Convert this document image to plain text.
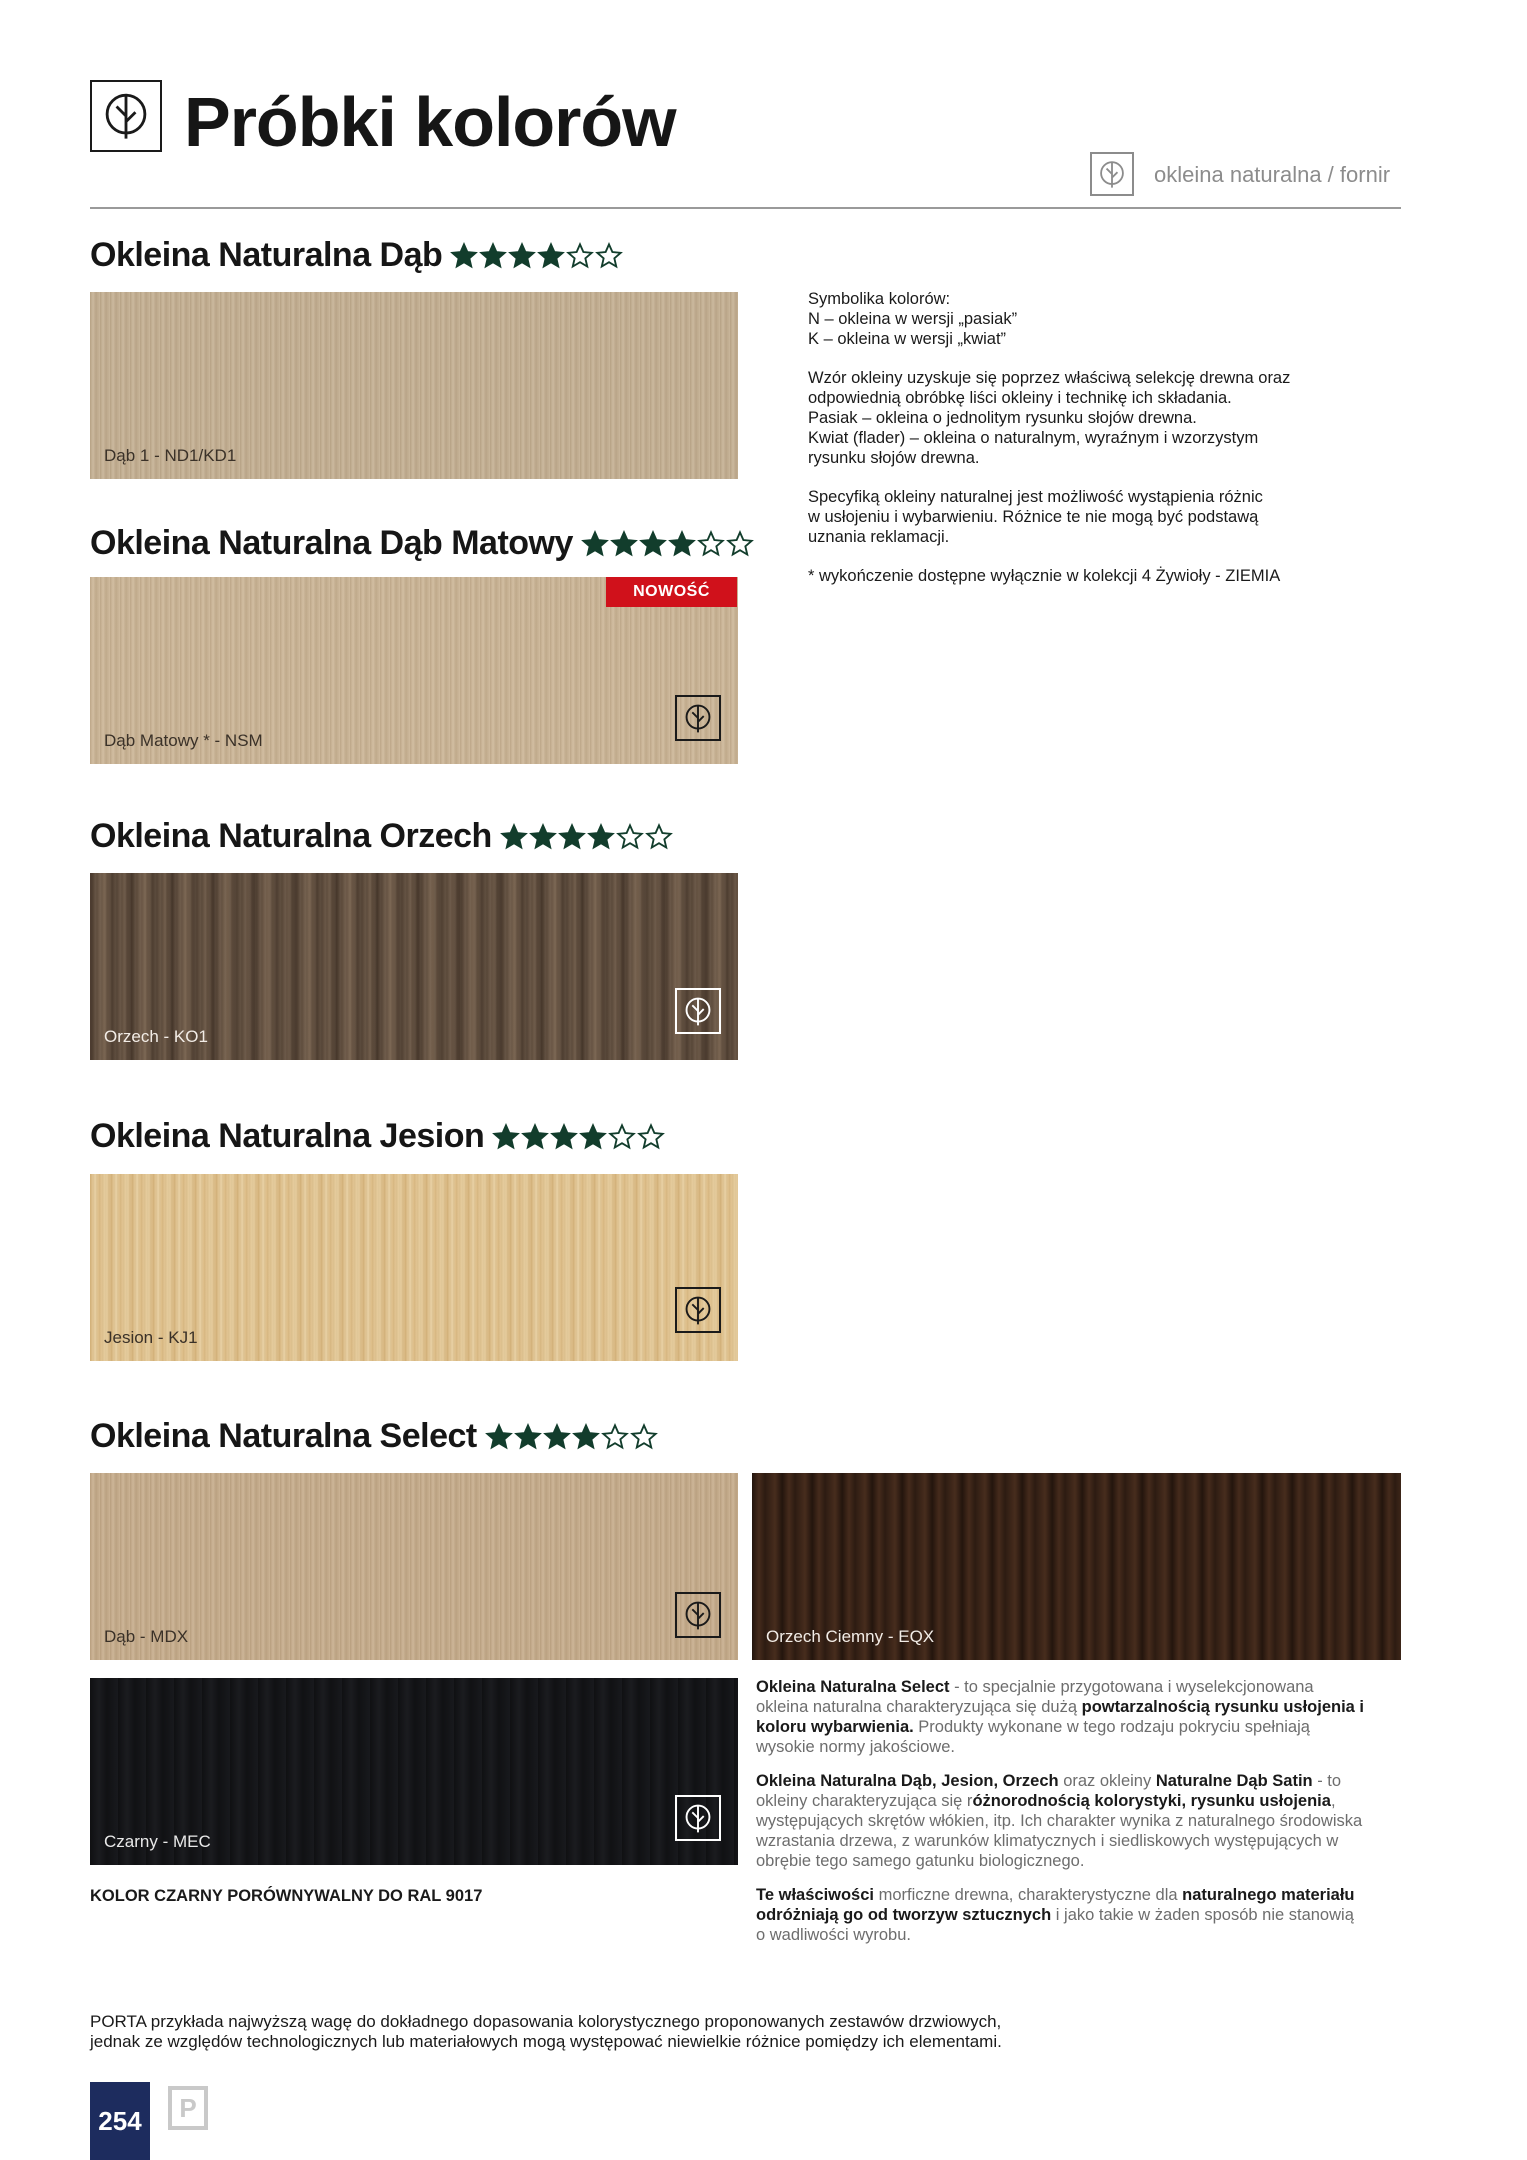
Próbki kolorów
okleina naturalna / fornir
Okleina Naturalna Dąb
Okleina Naturalna Dąb Matowy
Okleina Naturalna Orzech
Okleina Naturalna Jesion
Okleina Naturalna Select
Dąb 1 - ND1/KD1
Dąb Matowy * - NSM
NOWOŚĆ
Orzech - KO1
Jesion - KJ1
Dąb - MDX	Orzech Ciemny - EQX
Czarny - MEC

Symbolika kolorów:
N – okleina w wersji „pasiak”
K – okleina w wersji „kwiat”

Wzór okleiny uzyskuje się poprzez właściwą selekcję drewna oraz
odpowiednią obróbkę liści okleiny i technikę ich składania.
Pasiak – okleina o jednolitym rysunku słojów drewna.
Kwiat (flader) – okleina o naturalnym, wyraźnym i wzorzystym
rysunku słojów drewna.

Specyfiką okleiny naturalnej jest możliwość wystąpienia różnic
w usłojeniu i wybarwieniu. Różnice te nie mogą być podstawą
uznania reklamacji.

* wykończenie dostępne wyłącznie w kolekcji 4 Żywioły - ZIEMIA

Okleina Naturalna Select - to specjalnie przygotowana i wyselekcjonowana okleina naturalna charakteryzująca się dużą powtarzalnością rysunku usłojenia i koloru wybarwienia. Produkty wykonane w tego rodzaju pokryciu spełniają wysokie normy jakościowe.

Okleina Naturalna Dąb, Jesion, Orzech oraz okleiny Naturalne Dąb Satin - to okleiny charakteryzująca się różnorodnością kolorystyki, rysunku usłojenia, występujących skrętów włókien, itp. Ich charakter wynika z naturalnego środowiska wzrastania drzewa, z warunków klimatycznych i siedliskowych występujących w obrębie tego samego gatunku biologicznego.

Te właściwości morficzne drewna, charakterystyczne dla naturalnego materiału odróżniają go od tworzyw sztucznych i jako takie w żaden sposób nie stanowią o wadliwości wyrobu.

KOLOR CZARNY PORÓWNYWALNY DO RAL 9017
PORTA przykłada najwyższą wagę do dokładnego dopasowania kolorystycznego proponowanych zestawów drzwiowych,
jednak ze względów technologicznych lub materiałowych mogą występować niewielkie różnice pomiędzy ich elementami.
254	P
